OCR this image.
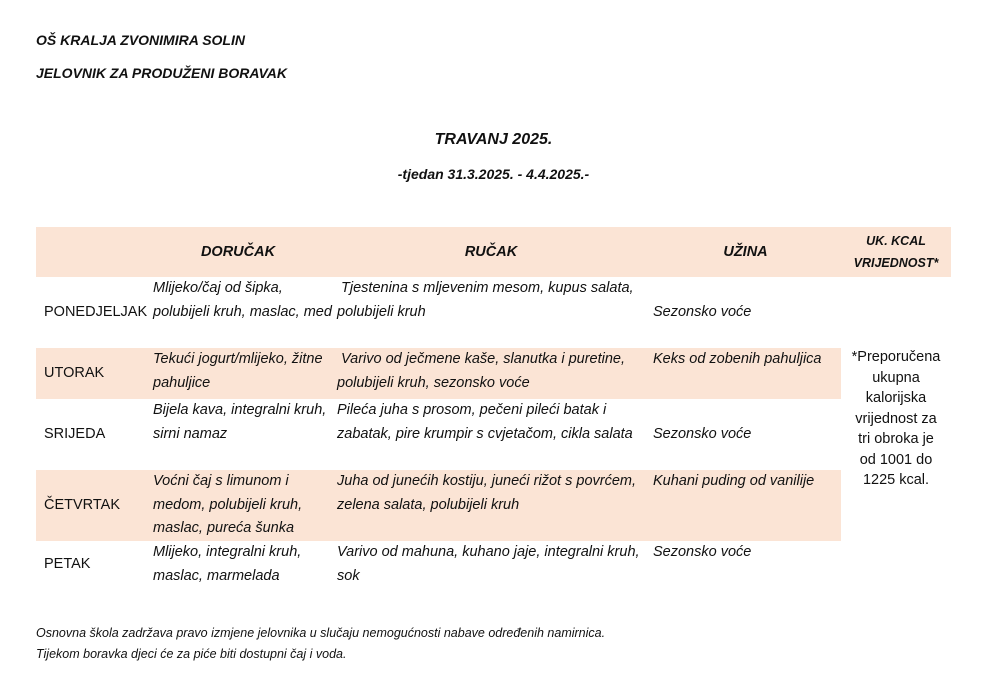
OŠ KRALJA ZVONIMIRA SOLIN
JELOVNIK ZA PRODUŽENI BORAVAK
TRAVANJ 2025.
-tjedan 31.3.2025. - 4.4.2025.-
	DORUČAK	RUČAK	UŽINA	UK. KCAL VRIJEDNOST*
PONEDJELJAK	Mlijeko/čaj od šipka, polubijeli kruh, maslac, med	Tjestenina s mljevenim mesom, kupus salata, polubijeli kruh	Sezonsko voće	*Preporučena ukupna kalorijska vrijednost za tri obroka je od 1001 do 1225 kcal.

UTORAK	Tekući jogurt/mlijeko, žitne pahuljice	Varivo od ječmene kaše, slanutka i puretine, polubijeli kruh, sezonsko voće	Keks od zobenih pahuljica	
SRIJEDA	Bijela kava, integralni kruh, sirni namaz	Pileća juha s prosom, pečeni pileći batak i zabatak, pire krumpir s cvjetačom, cikla salata	Sezonsko voće	
ČETVRTAK	Voćni čaj s limunom i medom, polubijeli kruh, maslac, pureća šunka	Juha od junećih kostiju, juneći rižot s povrćem, zelena salata, polubijeli kruh	Kuhani puding od vanilije	
PETAK	Mlijeko, integralni kruh, maslac, marmelada	Varivo od mahuna, kuhano jaje, integralni kruh, sok	Sezonsko voće	
Osnovna škola zadržava pravo izmjene jelovnika u slučaju nemogućnosti nabave određenih namirnica.
Tijekom boravka djeci će za piće biti dostupni čaj i voda.
